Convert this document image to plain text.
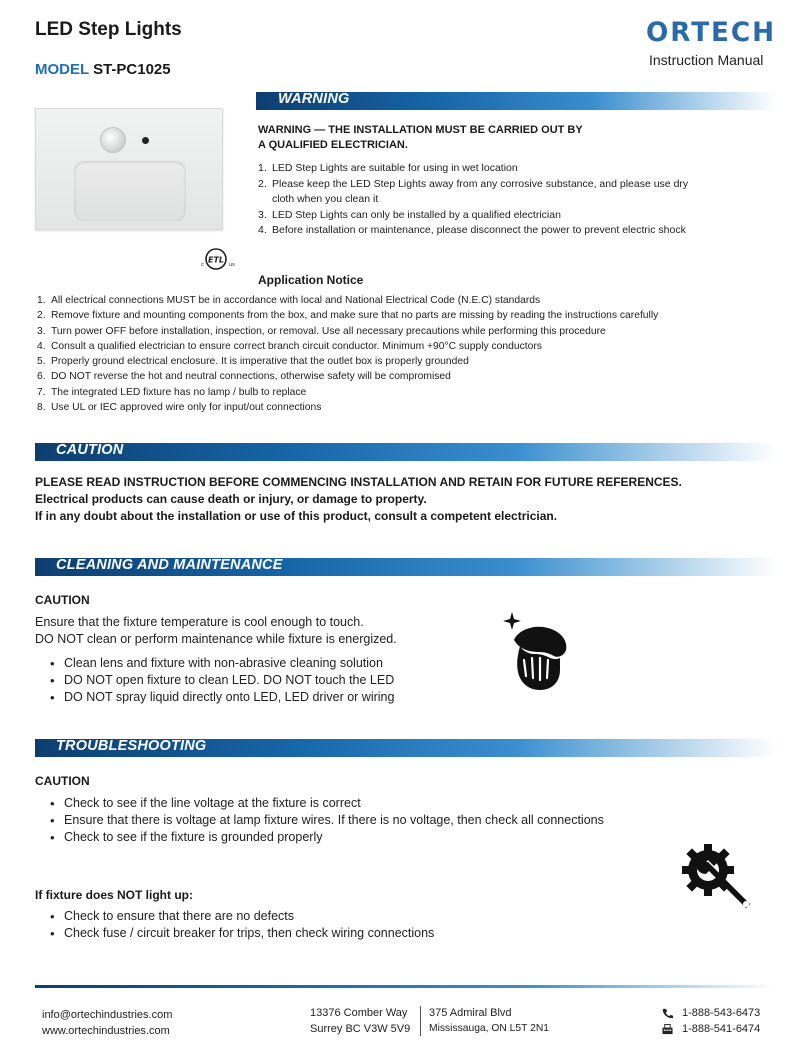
LED Step Lights
MODEL ST-PC1025
ORTECH
Instruction Manual
c
ETL
us
WARNING
WARNING — THE INSTALLATION MUST BE CARRIED OUT BY
A QUALIFIED ELECTRICIAN.
1. LED Step Lights are suitable for using in wet location
2. Please keep the LED Step Lights away from any corrosive substance, and please use dry
cloth when you clean it
3. LED Step Lights can only be installed by a qualified electrician
4. Before installation or maintenance, please disconnect the power to prevent electric shock
Application Notice
1. All electrical connections MUST be in accordance with local and National Electrical Code (N.E.C) standards
2. Remove fixture and mounting components from the box, and make sure that no parts are missing by reading the instructions carefully
3. Turn power OFF before installation, inspection, or removal. Use all necessary precautions while performing this procedure
4. Consult a qualified electrician to ensure correct branch circuit conductor. Minimum +90°C supply conductors
5. Properly ground electrical enclosure. It is imperative that the outlet box is properly grounded
6. DO NOT reverse the hot and neutral connections, otherwise safety will be compromised
7. The integrated LED fixture has no lamp / bulb to replace
8. Use UL or IEC approved wire only for input/out connections
CAUTION
PLEASE READ INSTRUCTION BEFORE COMMENCING INSTALLATION AND RETAIN FOR FUTURE REFERENCES.
Electrical products can cause death or injury, or damage to property.
If in any doubt about the installation or use of this product, consult a competent electrician.
CLEANING AND MAINTENANCE
CAUTION
Ensure that the fixture temperature is cool enough to touch.
DO NOT clean or perform maintenance while fixture is energized.
• Clean lens and fixture with non-abrasive cleaning solution
• DO NOT open fixture to clean LED. DO NOT touch the LED
• DO NOT spray liquid directly onto LED, LED driver or wiring
TROUBLESHOOTING
CAUTION
• Check to see if the line voltage at the fixture is correct
• Ensure that there is voltage at lamp fixture wires. If there is no voltage, then check all connections
• Check to see if the fixture is grounded properly
If fixture does NOT light up:
• Check to ensure that there are no defects
• Check fuse / circuit breaker for trips, then check wiring connections
info@ortechindustries.com
www.ortechindustries.com
13376 Comber Way
Surrey BC V3W 5V9
375 Admiral Blvd
Mississauga, ON L5T 2N1
1-888-543-6473
1-888-541-6474
